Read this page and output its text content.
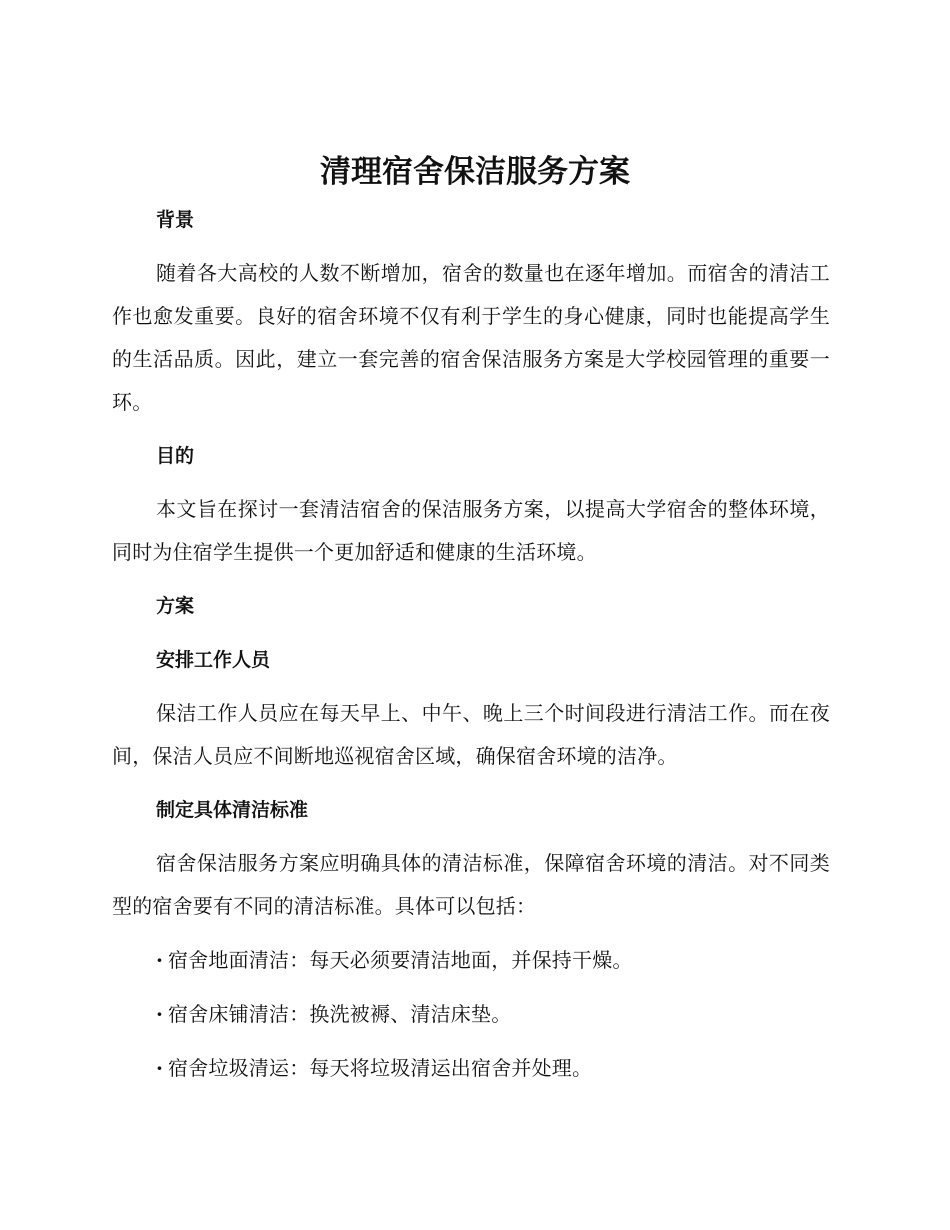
清理宿舍保洁服务方案
背景

随着各大高校的人数不断增加，宿舍的数量也在逐年增加。而宿舍的清洁工作也愈发重要。良好的宿舍环境不仅有利于学生的身心健康，同时也能提高学生的生活品质。因此，建立一套完善的宿舍保洁服务方案是大学校园管理的重要一环。

目的

本文旨在探讨一套清洁宿舍的保洁服务方案，以提高大学宿舍的整体环境，同时为住宿学生提供一个更加舒适和健康的生活环境。

方案
安排工作人员

保洁工作人员应在每天早上、中午、晚上三个时间段进行清洁工作。而在夜间，保洁人员应不间断地巡视宿舍区域，确保宿舍环境的洁净。

制定具体清洁标准

宿舍保洁服务方案应明确具体的清洁标准，保障宿舍环境的清洁。对不同类型的宿舍要有不同的清洁标准。具体可以包括：

· 宿舍地面清洁：每天必须要清洁地面，并保持干燥。
· 宿舍床铺清洁：换洗被褥、清洁床垫。
· 宿舍垃圾清运：每天将垃圾清运出宿舍并处理。
